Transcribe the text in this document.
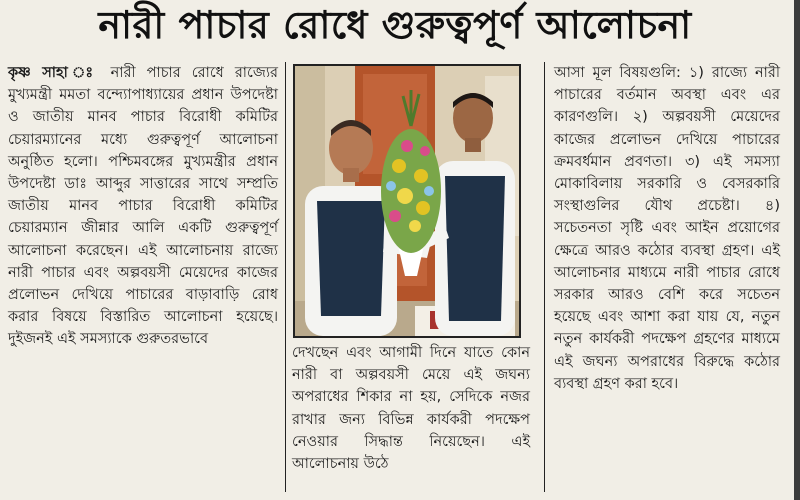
নারী পাচার রোধে গুরুত্বপূর্ণ আলোচনা
কৃষ্ণ সাহা ঃ নারী পাচার রোধে রাজ্যের মুখ্যমন্ত্রী মমতা বন্দ্যোপাধ্যায়ের প্রধান উপদেষ্টা ও জাতীয় মানব পাচার বিরোধী কমিটির চেয়ারম্যানের মধ্যে গুরুত্বপূর্ণ আলোচনা অনুষ্ঠিত হলো। পশ্চিমবঙ্গের মুখ্যমন্ত্রীর প্রধান উপদেষ্টা ডাঃ আব্দুর সাত্তারের সাথে সম্প্রতি জাতীয় মানব পাচার বিরোধী কমিটির চেয়ারম্যান জীন্নার আলি একটি গুরুত্বপূর্ণ আলোচনা করেছেন। এই আলোচনায় রাজ্যে নারী পাচার এবং অল্পবয়সী মেয়েদের কাজের প্রলোভন দেখিয়ে পাচারের বাড়াবাড়ি রোধ করার বিষয়ে বিস্তারিত আলোচনা হয়েছে। দুইজনই এই সমস্যাকে গুরুতরভাবে
দেখছেন এবং আগামী দিনে যাতে কোন নারী বা অল্পবয়সী মেয়ে এই জঘন্য অপরাধের শিকার না হয়, সেদিকে নজর রাখার জন্য বিভিন্ন কার্যকরী পদক্ষেপ নেওয়ার সিদ্ধান্ত নিয়েছেন। এই আলোচনায় উঠে
আসা মূল বিষয়গুলি: ১) রাজ্যে নারী পাচারের বর্তমান অবস্থা এবং এর কারণগুলি। ২) অল্পবয়সী মেয়েদের কাজের প্রলোভন দেখিয়ে পাচারের ক্রমবর্ধমান প্রবণতা। ৩) এই সমস্যা মোকাবিলায় সরকারি ও বেসরকারি সংস্থাগুলির যৌথ প্রচেষ্টা। ৪) সচেতনতা সৃষ্টি এবং আইন প্রয়োগের ক্ষেত্রে আরও কঠোর ব্যবস্থা গ্রহণ। এই আলোচনার মাধ্যমে নারী পাচার রোধে সরকার আরও বেশি করে সচেতন হয়েছে এবং আশা করা যায় যে, নতুন নতুন কার্যকরী পদক্ষেপ গ্রহণের মাধ্যমে এই জঘন্য অপরাধের বিরুদ্ধে কঠোর ব্যবস্থা গ্রহণ করা হবে।
